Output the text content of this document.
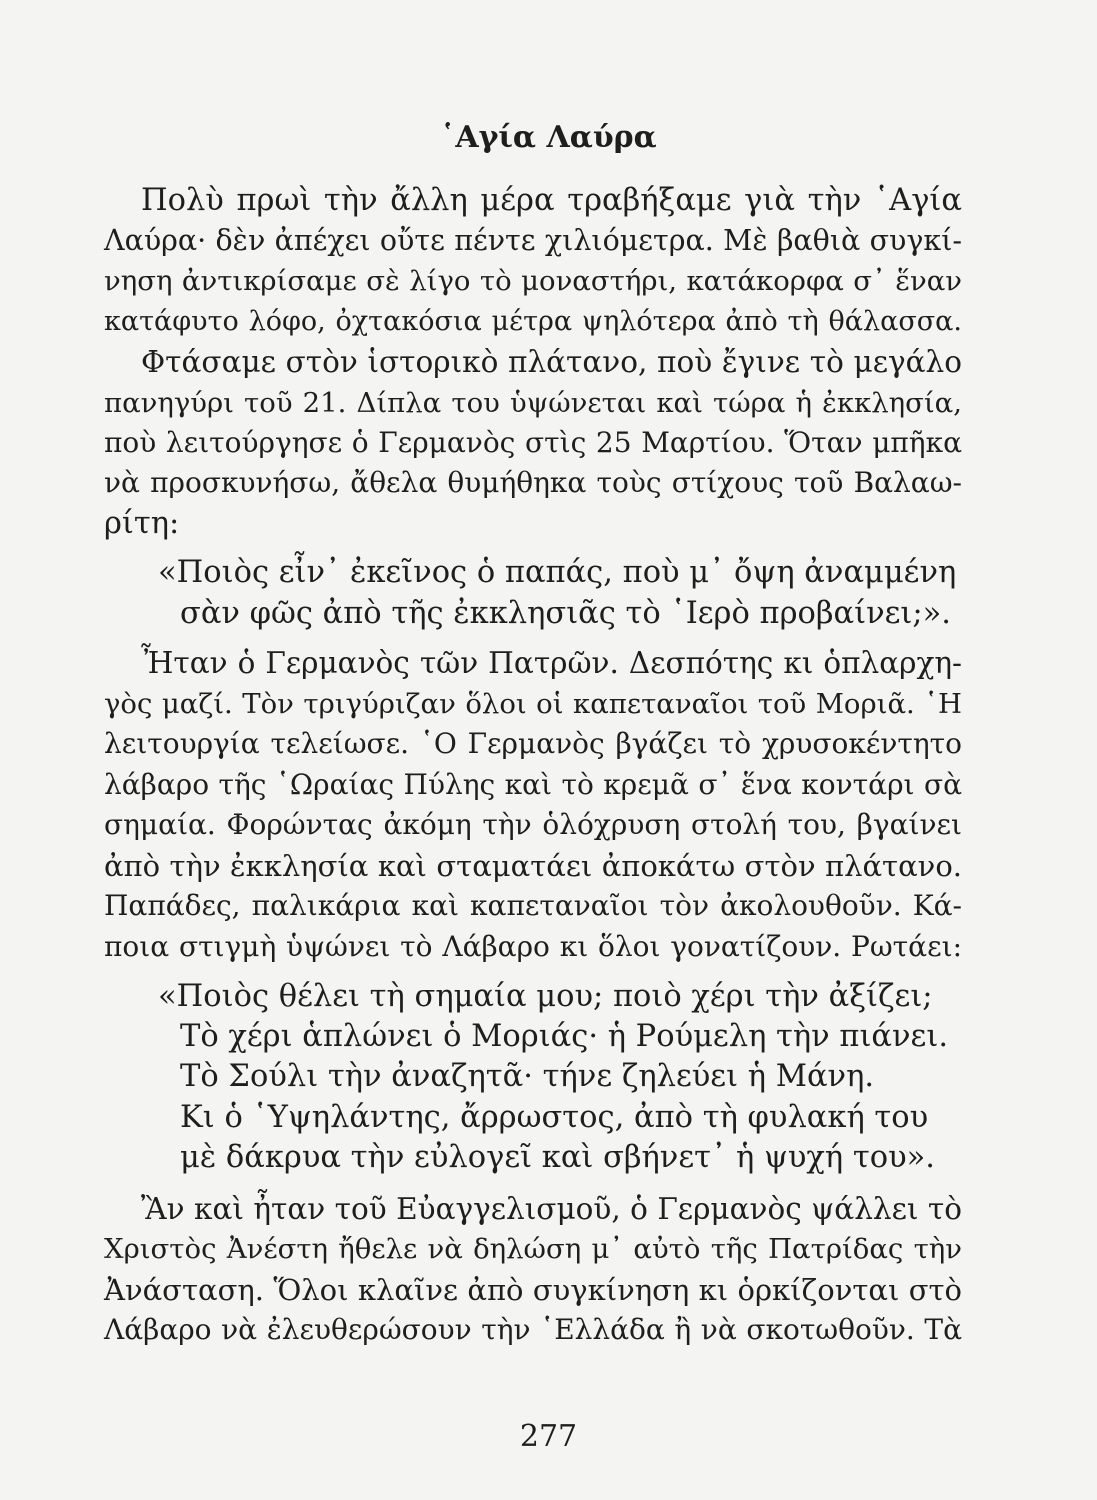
῾Αγία Λαύρα
Πολὺ πρωὶ τὴν ἄλλη μέρα τραβήξαμε γιὰ τὴν ῾Αγία
Λαύρα· δὲν ἀπέχει οὔτε πέντε χιλιόμετρα. Μὲ βαθιὰ συγκί-
νηση ἀντικρίσαμε σὲ λίγο τὸ μοναστήρι, κατάκορφα σ᾿ ἕναν
κατάφυτο λόφο, ὀχτακόσια μέτρα ψηλότερα ἀπὸ τὴ θάλασσα.
Φτάσαμε στὸν ἱστορικὸ πλάτανο, ποὺ ἔγινε τὸ μεγάλο
πανηγύρι τοῦ 21. Δίπλα του ὑψώνεται καὶ τώρα ἡ ἐκκλησία,
ποὺ λειτούργησε ὁ Γερμανὸς στὶς 25 Μαρτίου. Ὅταν μπῆκα
νὰ προσκυνήσω, ἄθελα θυμήθηκα τοὺς στίχους τοῦ Βαλαω-
ρίτη:
«Ποιὸς εἶν᾿ ἐκεῖνος ὁ παπάς, ποὺ μ᾿ ὄψη ἀναμμένη
σὰν φῶς ἀπὸ τῆς ἐκκλησιᾶς τὸ ῾Ιερὸ προβαίνει;».
Ἦταν ὁ Γερμανὸς τῶν Πατρῶν. Δεσπότης κι ὁπλαρχη-
γὸς μαζί. Τὸν τριγύριζαν ὅλοι οἱ καπεταναῖοι τοῦ Μοριᾶ. ῾Η
λειτουργία τελείωσε. ῾Ο Γερμανὸς βγάζει τὸ χρυσοκέντητο
λάβαρο τῆς ῾Ωραίας Πύλης καὶ τὸ κρεμᾶ σ᾿ ἕνα κοντάρι σὰ
σημαία. Φορώντας ἀκόμη τὴν ὁλόχρυση στολή του, βγαίνει
ἀπὸ τὴν ἐκκλησία καὶ σταματάει ἀποκάτω στὸν πλάτανο.
Παπάδες, παλικάρια καὶ καπεταναῖοι τὸν ἀκολουθοῦν. Κά-
ποια στιγμὴ ὑψώνει τὸ Λάβαρο κι ὅλοι γονατίζουν. Ρωτάει:
«Ποιὸς θέλει τὴ σημαία μου; ποιὸ χέρι τὴν ἀξίζει;
Τὸ χέρι ἁπλώνει ὁ Μοριάς· ἡ Ρούμελη τὴν πιάνει.
Τὸ Σούλι τὴν ἀναζητᾶ· τήνε ζηλεύει ἡ Μάνη.
Κι ὁ ῾Υψηλάντης, ἄρρωστος, ἀπὸ τὴ φυλακή του
μὲ δάκρυα τὴν εὐλογεῖ καὶ σβήνετ᾿ ἡ ψυχή του».
Ἂν καὶ ἦταν τοῦ Εὐαγγελισμοῦ, ὁ Γερμανὸς ψάλλει τὸ
Χριστὸς Ἀνέστη ἤθελε νὰ δηλώση μ᾿ αὐτὸ τῆς Πατρίδας τὴν
Ἀνάσταση. Ὅλοι κλαῖνε ἀπὸ συγκίνηση κι ὁρκίζονται στὸ
Λάβαρο νὰ ἐλευθερώσουν τὴν ῾Ελλάδα ἢ νὰ σκοτωθοῦν. Τὰ
277
